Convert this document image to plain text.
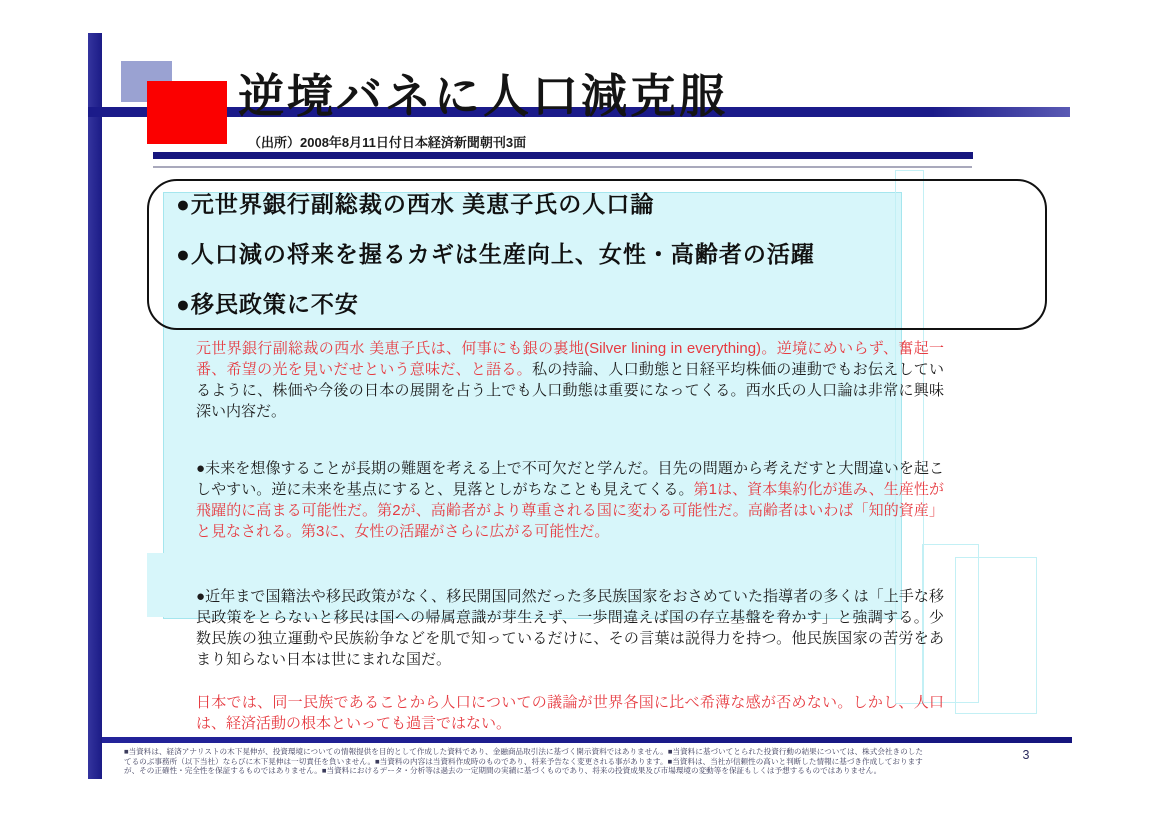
逆境バネに人口減克服
（出所）2008年8月11日付日本経済新聞朝刊3面
●元世界銀行副総裁の西水 美恵子氏の人口論
●人口減の将来を握るカギは生産向上、女性・高齢者の活躍
●移民政策に不安

元世界銀行副総裁の西水 美恵子氏は、何事にも銀の裏地(Silver lining in everything)。逆境にめいらず、奮起一番、希望の光を見いだせという意味だ、と語る。私の持論、人口動態と日経平均株価の連動でもお伝えしているように、株価や今後の日本の展開を占う上でも人口動態は重要になってくる。西水氏の人口論は非常に興味深い内容だ。

●未来を想像することが長期の難題を考える上で不可欠だと学んだ。目先の問題から考えだすと大間違いを起こしやすい。逆に未来を基点にすると、見落としがちなことも見えてくる。第1は、資本集約化が進み、生産性が飛躍的に高まる可能性だ。第2が、高齢者がより尊重される国に変わる可能性だ。高齢者はいわば「知的資産」と見なされる。第3に、女性の活躍がさらに広がる可能性だ。

●近年まで国籍法や移民政策がなく、移民開国同然だった多民族国家をおさめていた指導者の多くは「上手な移民政策をとらないと移民は国への帰属意識が芽生えず、一歩間違えば国の存立基盤を脅かす」と強調する。少数民族の独立運動や民族紛争などを肌で知っているだけに、その言葉は説得力を持つ。他民族国家の苦労をあまり知らない日本は世にまれな国だ。

日本では、同一民族であることから人口についての議論が世界各国に比べ希薄な感が否めない。しかし、人口は、経済活動の根本といっても過言ではない。

■当資料は、経済アナリストの木下晃伸が、投資環境についての情報提供を目的として作成した資料であり、金融商品取引法に基づく開示資料ではありません。■当資料に基づいてとられた投資行動の結果については、株式会社きのした
てるのぶ事務所（以下当社）ならびに木下晃伸は一切責任を負いません。■当資料の内容は当資料作成時のものであり、将来予告なく変更される事があります。■当資料は、当社が信頼性の高いと判断した情報に基づき作成しております
が、その正確性・完全性を保証するものではありません。■当資料におけるデータ・分析等は過去の一定期間の実績に基づくものであり、将来の投資成果及び市場環境の変動等を保証もしくは予想するものではありません。
3
